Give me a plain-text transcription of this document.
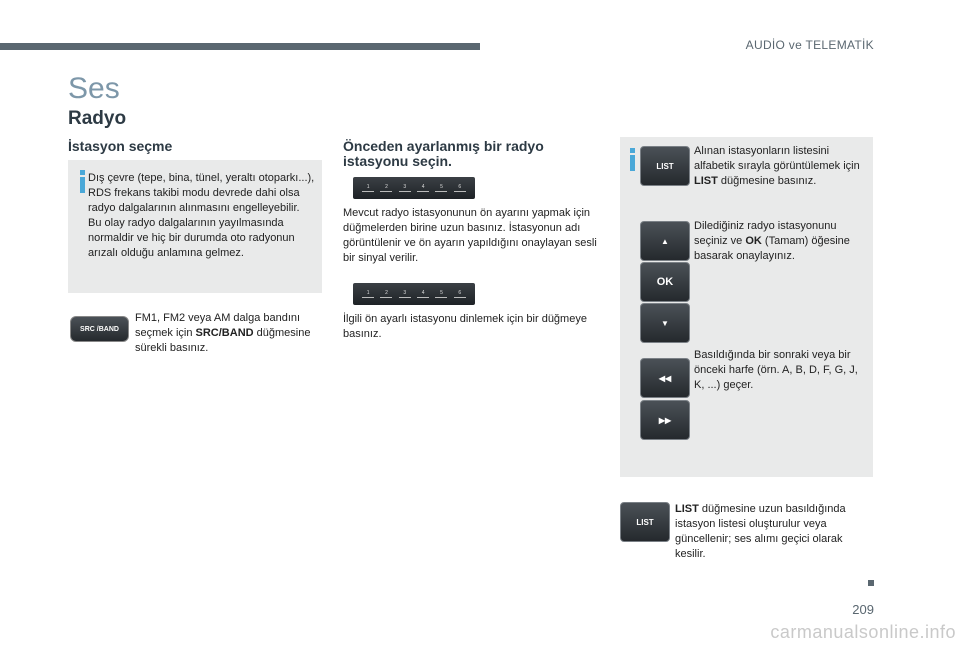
AUDİO ve TELEMATİK
Ses
Radyo
İstasyon seçme
Dış çevre (tepe, bina, tünel, yeraltı otoparkı...), RDS frekans takibi modu devrede dahi olsa radyo dalgalarının alınmasını engelleyebilir. Bu olay radyo dalgalarının yayılmasında normaldir ve hiç bir durumda oto radyonun arızalı olduğu anlamına gelmez.
SRC /BAND
FM1, FM2 veya AM dalga bandını seçmek için SRC/BAND düğmesine sürekli basınız.
Önceden ayarlanmış bir radyo istasyonu seçin.
1	2	3	4	5	6
Mevcut radyo istasyonunun ön ayarını yapmak için düğmelerden birine uzun basınız. İstasyonun adı görüntülenir ve ön ayarın yapıldığını onaylayan sesli bir sinyal verilir.
1	2	3	4	5	6
İlgili ön ayarlı istasyonu dinlemek için bir düğmeye basınız.
LIST
Alınan istasyonların listesini alfabetik sırayla görüntülemek için LIST düğmesine basınız.
▲
OK
▼
Dilediğiniz radyo istasyonunu seçiniz ve OK (Tamam) öğesine basarak onaylayınız.
◀◀
▶▶
Basıldığında bir sonraki veya bir önceki harfe (örn. A, B, D, F, G, J, K, ...) geçer.
LIST
LIST düğmesine uzun basıldığında istasyon listesi oluşturulur veya güncellenir; ses alımı geçici olarak kesilir.
209
carmanualsonline.info
